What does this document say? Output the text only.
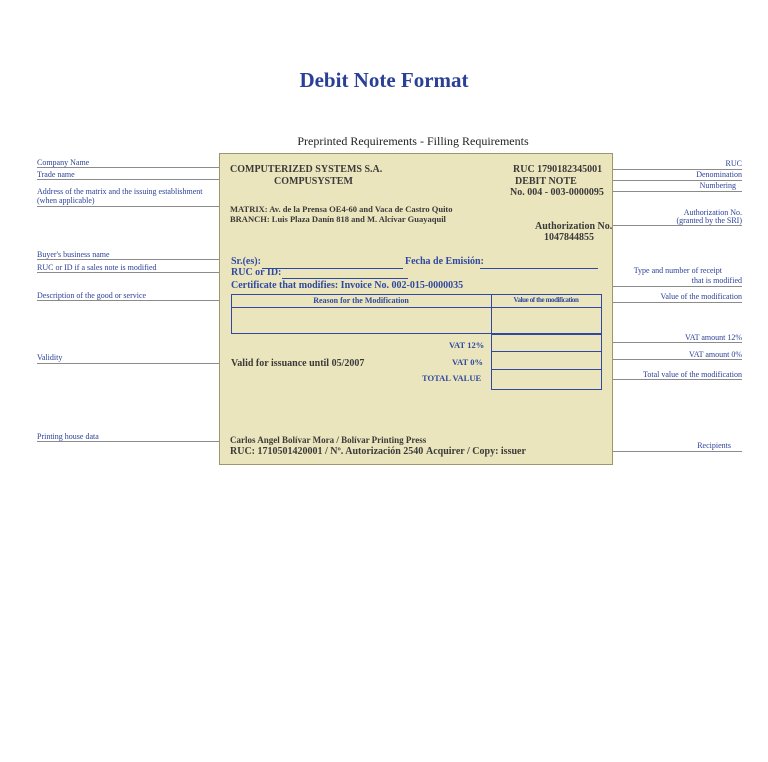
Debit Note Format
Preprinted Requirements - Filling Requirements
Company Name
Trade name
Address of the matrix and the issuing establishment
(when applicable)
Buyer's business name
RUC or ID if a sales note is modified
Description of the good or service
Validity
Printing house data
RUC
Denomination
Numbering
Authorization No.
(granted by the SRI)
Type and number of receipt
that is modified
Value of the modification
VAT amount 12%
VAT amount 0%
Total value of the modification
Recipients
COMPUTERIZED SYSTEMS S.A.
COMPUSYSTEM
RUC 1790182345001
DEBIT NOTE
No. 004 - 003-0000095
MATRIX: Av. de la Prensa OE4-60 and Vaca de Castro Quito
BRANCH: Luis Plaza Danín 818 and M. Alcívar Guayaquil
Authorization No.
1047844855
Sr.(es):	Fecha de Emisión:
RUC or ID:
Certificate that modifies: Invoice No. 002-015-0000035
Reason for the Modification	Value of the modification
VAT 12%
VAT 0%
TOTAL VALUE
Valid for issuance until 05/2007
Carlos Angel Bolívar Mora / Bolívar Printing Press
RUC: 1710501420001 / Nº. Autorización 2540 Acquirer / Copy: issuer
